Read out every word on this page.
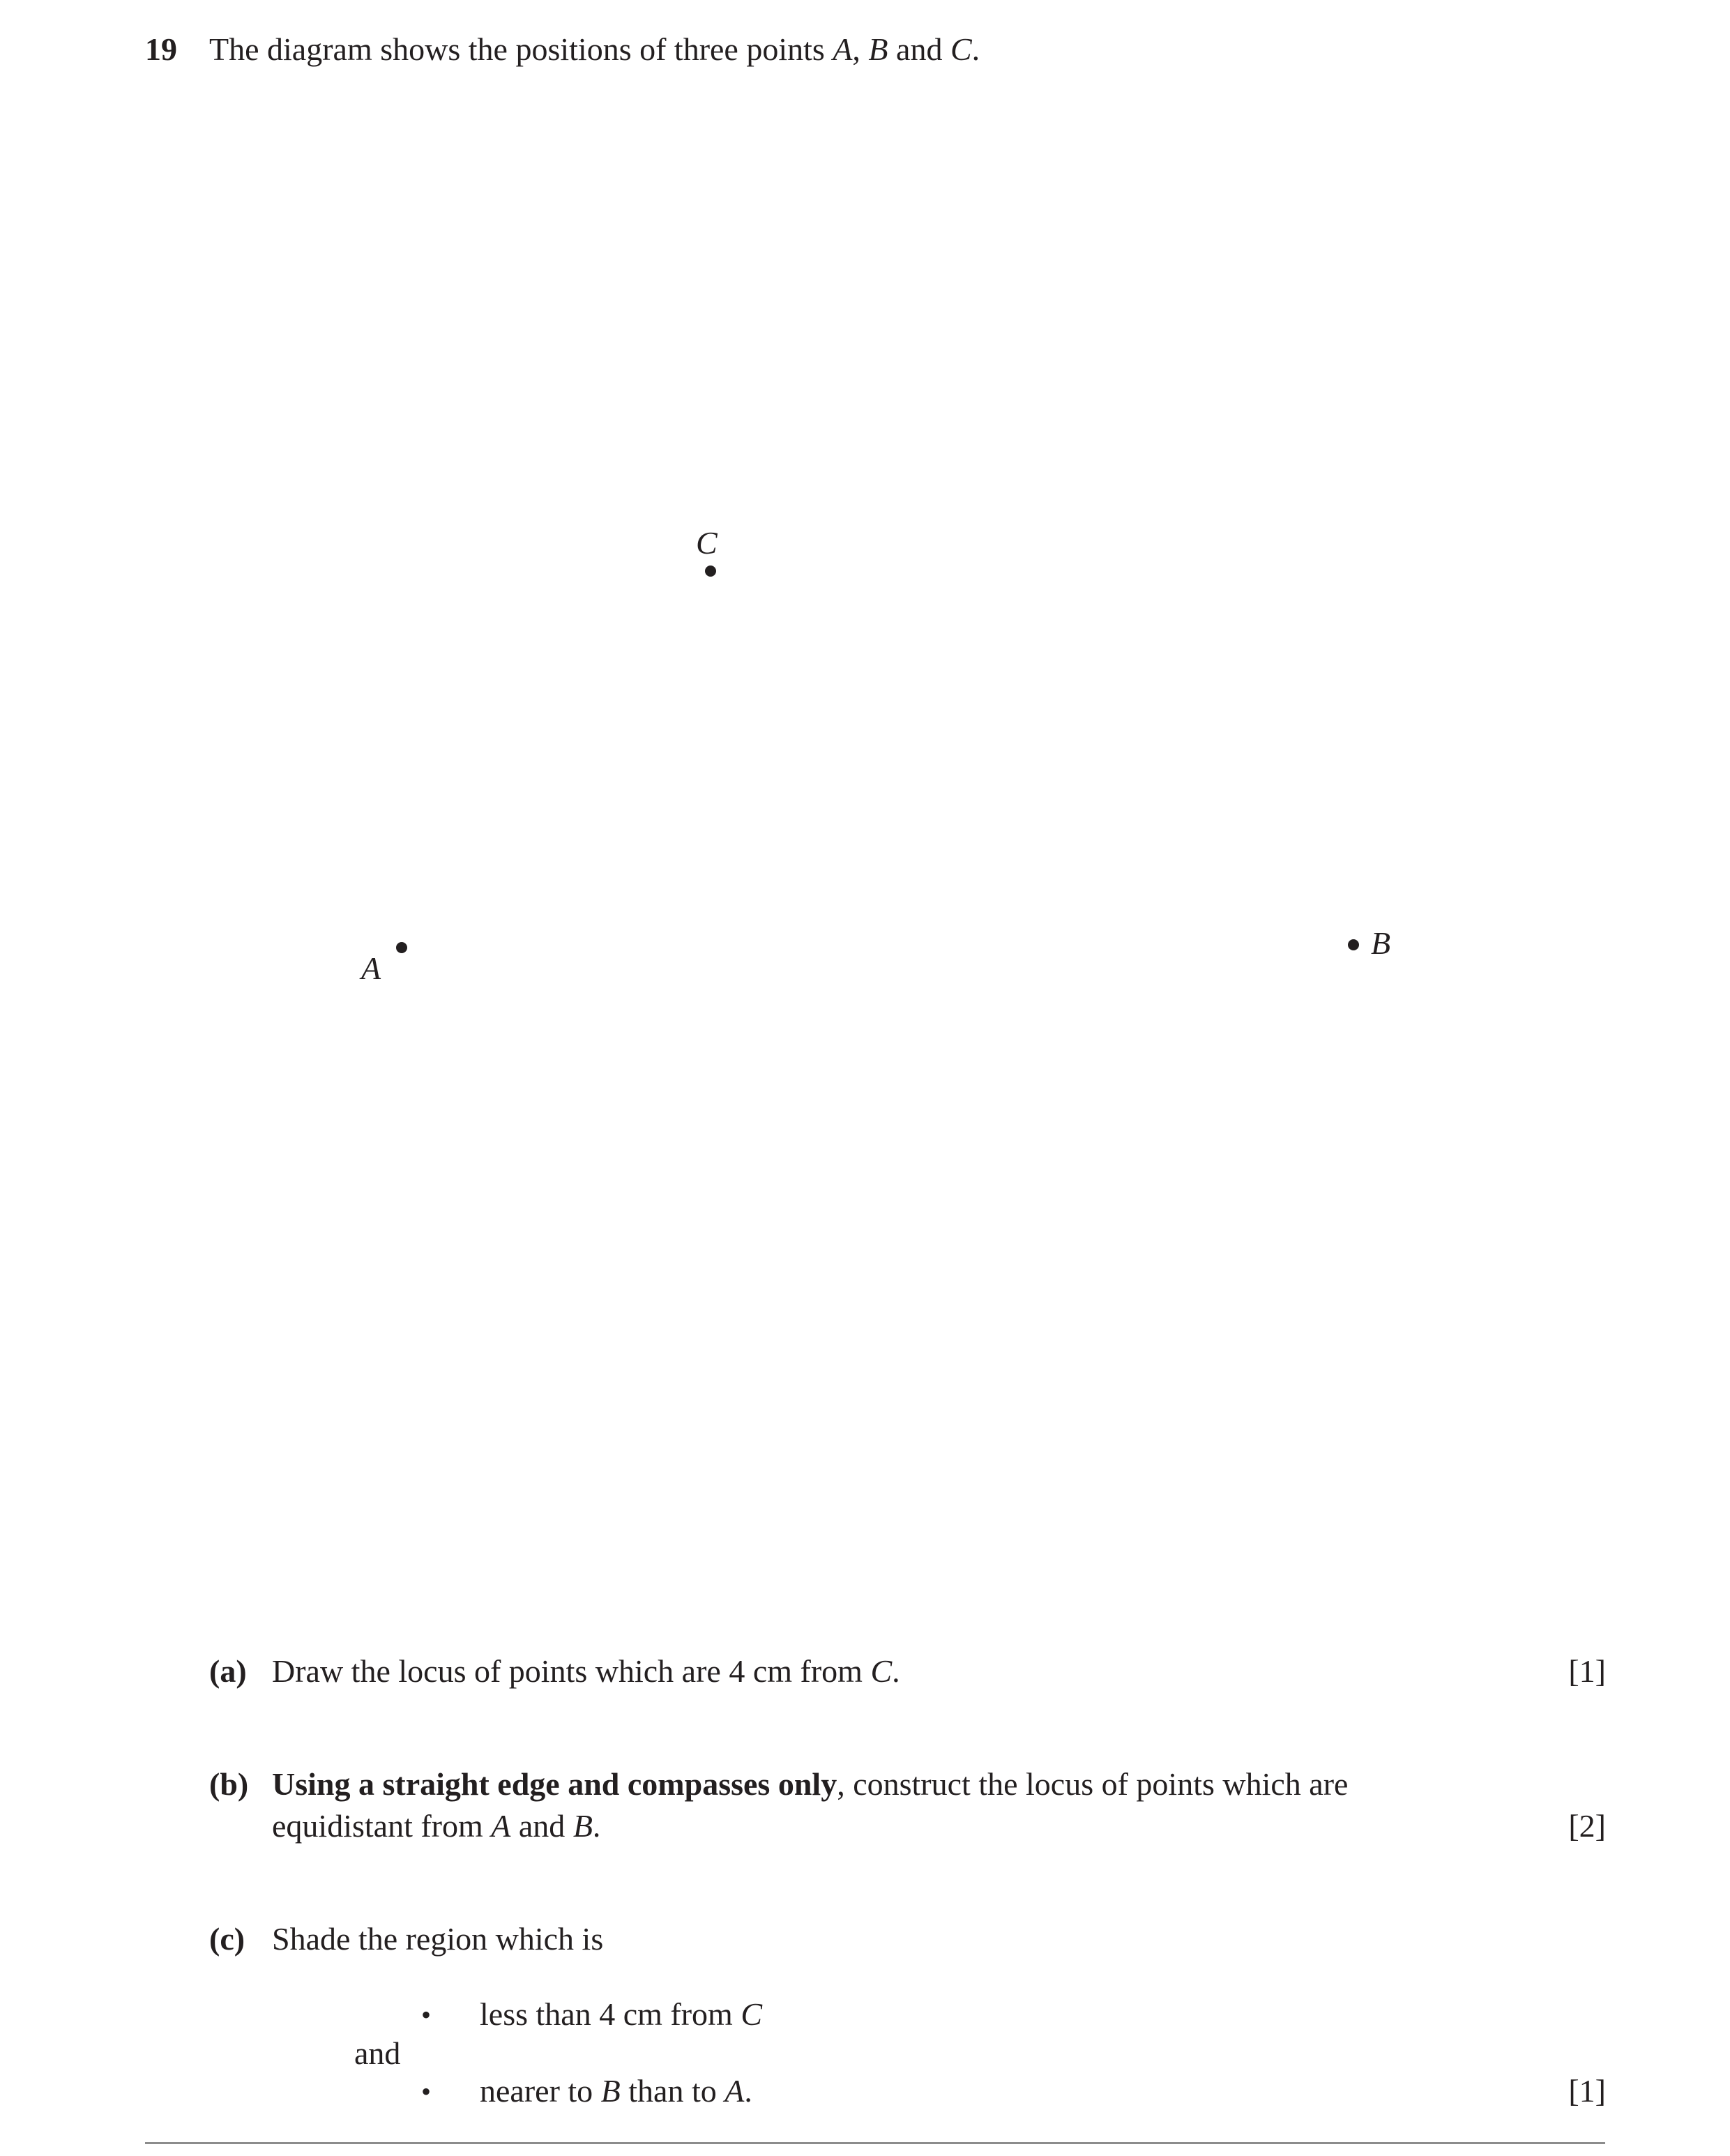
19 The diagram shows the positions of three points A, B and C.
C
A
B
(a) Draw the locus of points which are 4 cm from C.	[1]
(b) Using a straight edge and compasses only, construct the locus of points which are
equidistant from A and B.	[2]
(c) Shade the region which is
• less than 4 cm from C
and
• nearer to B than to A.	[1]
